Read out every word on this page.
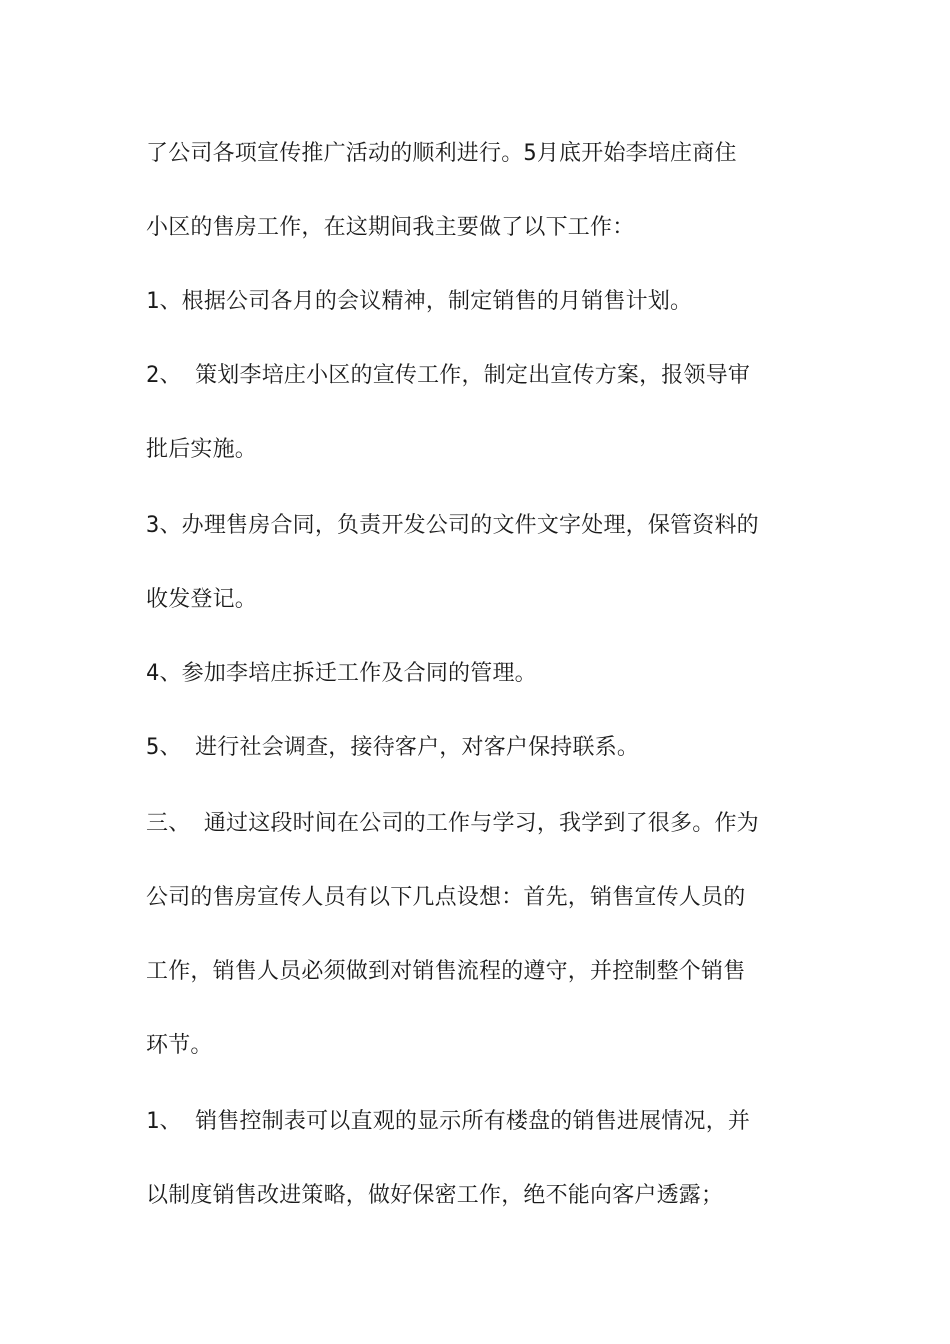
了公司各项宣传推广活动的顺利进行。5月底开始李培庄商住
小区的售房工作，在这期间我主要做了以下工作：
1、根据公司各月的会议精神，制定销售的月销售计划。
2、 策划李培庄小区的宣传工作，制定出宣传方案，报领导审
批后实施。
3、办理售房合同，负责开发公司的文件文字处理，保管资料的
收发登记。
4、参加李培庄拆迁工作及合同的管理。
5、 进行社会调查，接待客户，对客户保持联系。
三、 通过这段时间在公司的工作与学习，我学到了很多。作为
公司的售房宣传人员有以下几点设想：首先，销售宣传人员的
工作，销售人员必须做到对销售流程的遵守，并控制整个销售
环节。
1、 销售控制表可以直观的显示所有楼盘的销售进展情况，并
以制度销售改进策略，做好保密工作，绝不能向客户透露；
